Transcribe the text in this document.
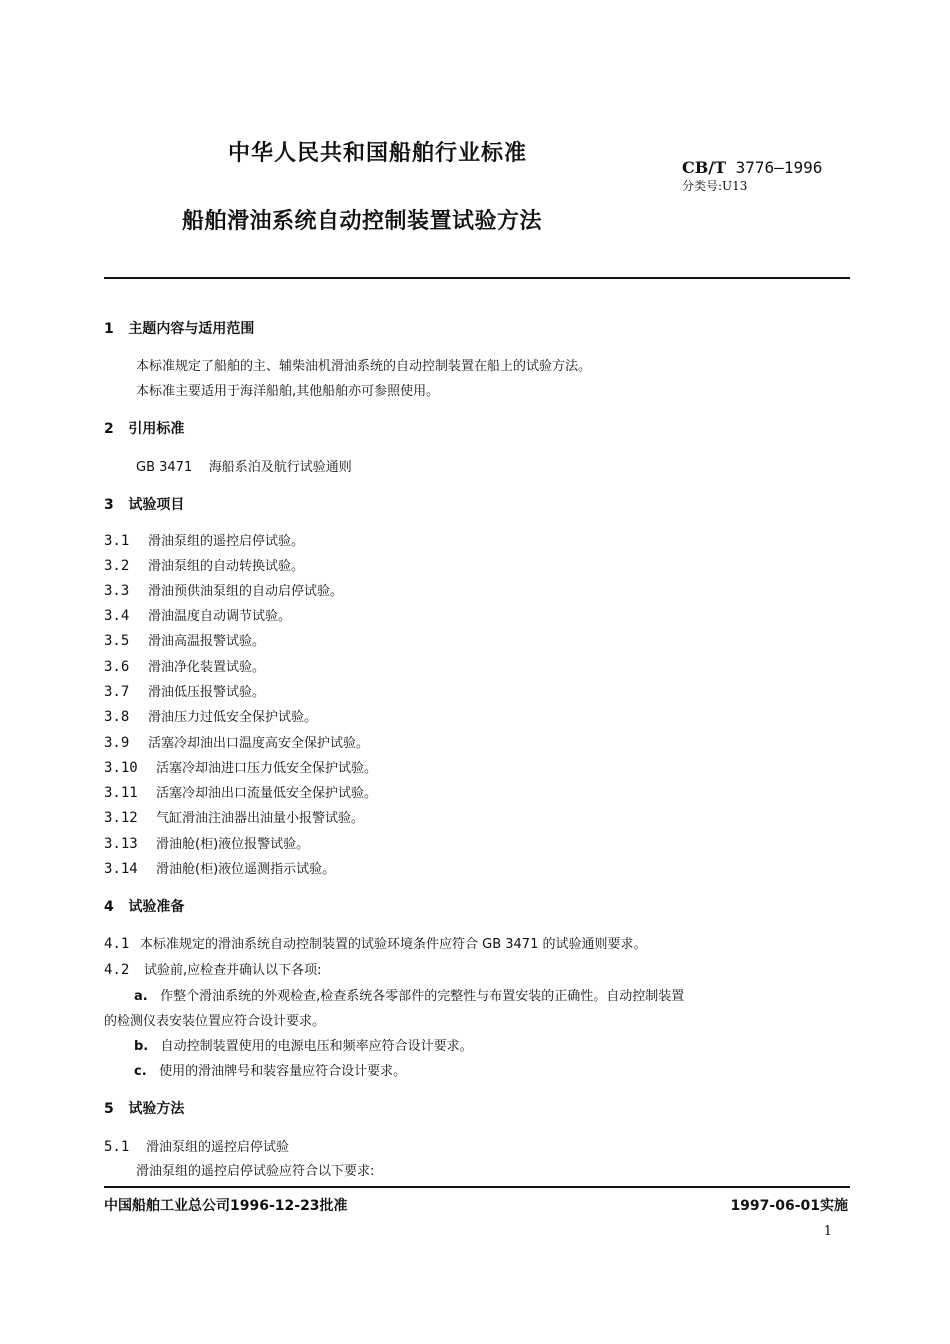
中华人民共和国船舶行业标准
CB/T 3776—1996
分类号:U13
船舶滑油系统自动控制装置试验方法
1 主题内容与适用范围
本标准规定了船舶的主、辅柴油机滑油系统的自动控制装置在船上的试验方法。
本标准主要适用于海洋船舶,其他船舶亦可参照使用。
2 引用标准
GB 3471 海船系泊及航行试验通则
3 试验项目
3.1 滑油泵组的遥控启停试验。
3.2 滑油泵组的自动转换试验。
3.3 滑油预供油泵组的自动启停试验。
3.4 滑油温度自动调节试验。
3.5 滑油高温报警试验。
3.6 滑油净化装置试验。
3.7 滑油低压报警试验。
3.8 滑油压力过低安全保护试验。
3.9 活塞冷却油出口温度高安全保护试验。
3.10 活塞冷却油进口压力低安全保护试验。
3.11 活塞冷却油出口流量低安全保护试验。
3.12 气缸滑油注油器出油量小报警试验。
3.13 滑油舱(柜)液位报警试验。
3.14 滑油舱(柜)液位遥测指示试验。
4 试验准备
4.1 本标准规定的滑油系统自动控制装置的试验环境条件应符合 GB 3471 的试验通则要求。
4.2 试验前,应检查并确认以下各项:
a. 作整个滑油系统的外观检查,检查系统各零部件的完整性与布置安装的正确性。自动控制装置
的检测仪表安装位置应符合设计要求。
b. 自动控制装置使用的电源电压和频率应符合设计要求。
c. 使用的滑油牌号和装容量应符合设计要求。
5 试验方法
5.1 滑油泵组的遥控启停试验
滑油泵组的遥控启停试验应符合以下要求:
中国船舶工业总公司1996-12-23批准	1997-06-01实施
1
